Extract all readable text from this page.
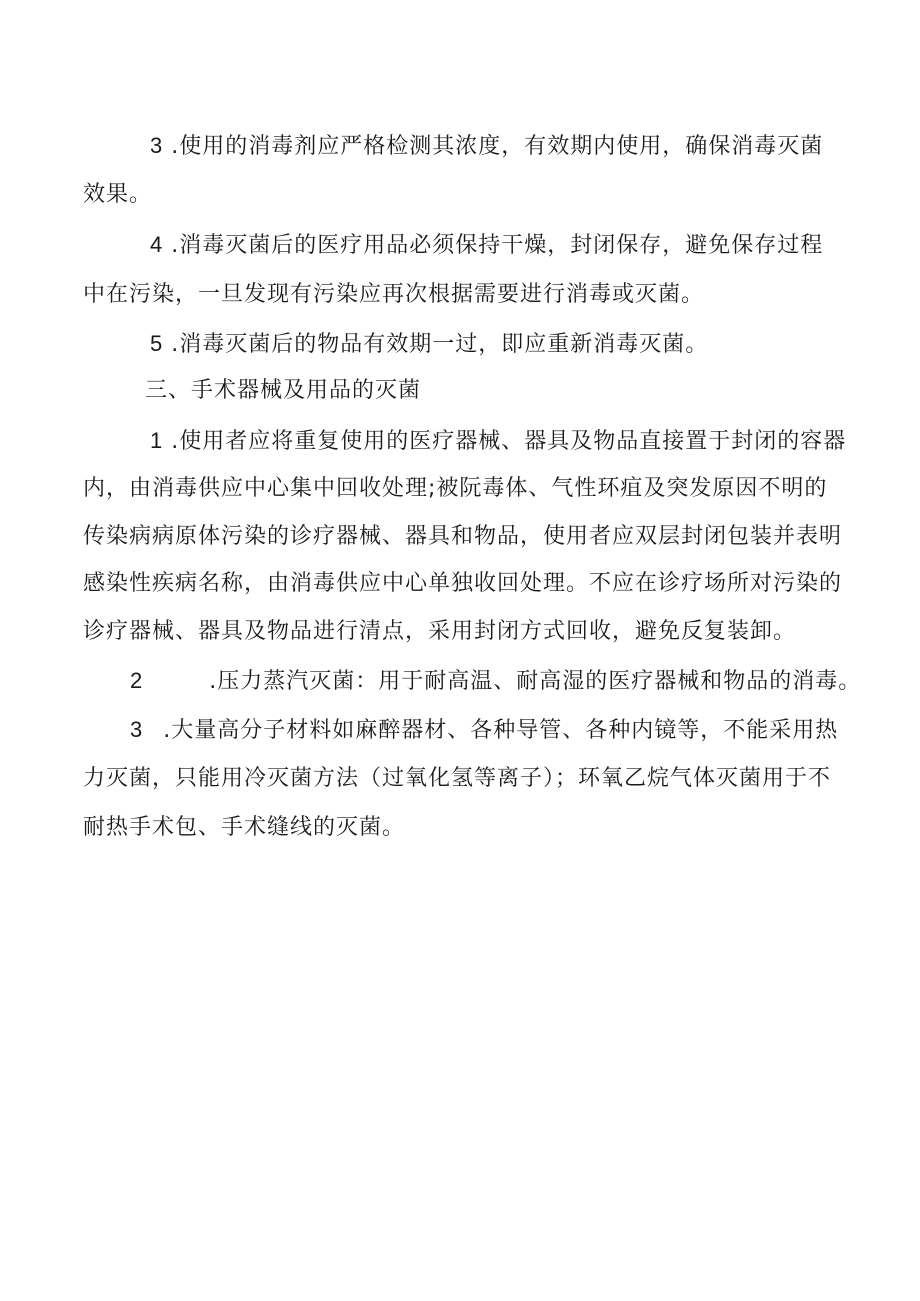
3 .使用的消毒剂应严格检测其浓度，有效期内使用，确保消毒灭菌
效果。
4 .消毒灭菌后的医疗用品必须保持干燥，封闭保存，避免保存过程
中在污染，一旦发现有污染应再次根据需要进行消毒或灭菌。
5 .消毒灭菌后的物品有效期一过，即应重新消毒灭菌。
三、手术器械及用品的灭菌
1 .使用者应将重复使用的医疗器械、器具及物品直接置于封闭的容器
内，由消毒供应中心集中回收处理;被阮毒体、气性环疽及突发原因不明的
传染病病原体污染的诊疗器械、器具和物品，使用者应双层封闭包装并表明
感染性疾病名称，由消毒供应中心单独收回处理。不应在诊疗场所对污染的
诊疗器械、器具及物品进行清点，采用封闭方式回收，避免反复装卸。
2	.压力蒸汽灭菌：用于耐高温、耐高湿的医疗器械和物品的消毒。
3 .大量高分子材料如麻醉器材、各种导管、各种内镜等，不能采用热
力灭菌，只能用冷灭菌方法（过氧化氢等离子）；环氧乙烷气体灭菌用于不
耐热手术包、手术缝线的灭菌。
